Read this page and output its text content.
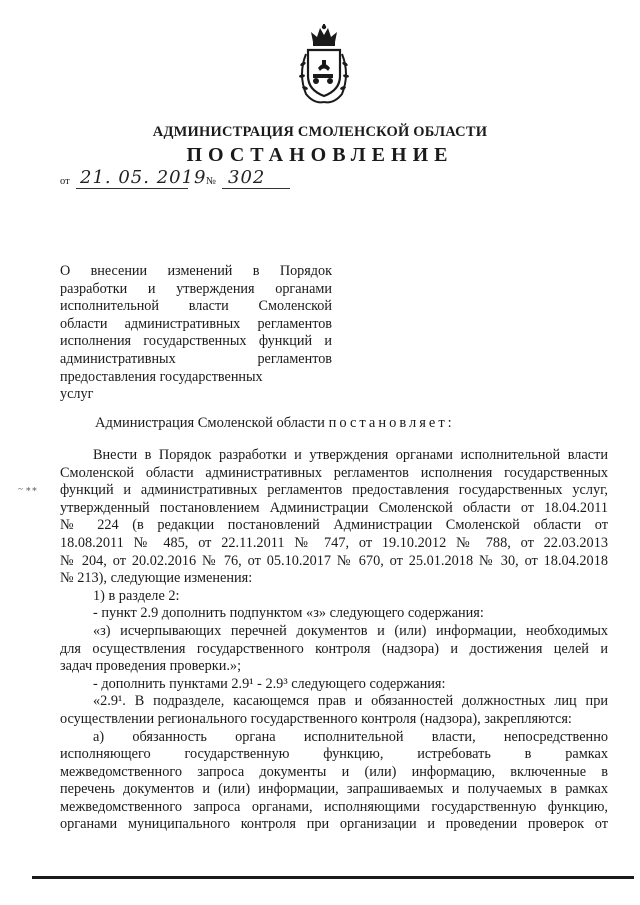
АДМИНИСТРАЦИЯ СМОЛЕНСКОЙ ОБЛАСТИ
ПОСТАНОВЛЕНИЕ
от 21. 05. 2019 № 302
О внесении изменений в Порядок
разработки и утверждения органами
исполнительной власти Смоленской
области административных регламентов
исполнения государственных функций и
административных регламентов
предоставления государственных
услуг
Администрация Смоленской области постановляет:
~ ∗∗
Внести в Порядок разработки и утверждения органами исполнительной власти
Смоленской области административных регламентов исполнения государственных
функций и административных регламентов предоставления государственных услуг,
утвержденный постановлением Администрации Смоленской области от 18.04.2011
№ 224 (в редакции постановлений Администрации Смоленской области от
18.08.2011 № 485, от 22.11.2011 № 747, от 19.10.2012 № 788, от 22.03.2013
№ 204, от 20.02.2016 № 76, от 05.10.2017 № 670, от 25.01.2018 № 30, от 18.04.2018
№ 213), следующие изменения:
1) в разделе 2:
- пункт 2.9 дополнить подпунктом «з» следующего содержания:
«з) исчерпывающих перечней документов и (или) информации, необходимых
для осуществления государственного контроля (надзора) и достижения целей и
задач проведения проверки.»;
- дополнить пунктами 2.9¹ - 2.9³ следующего содержания:
«2.9¹. В подразделе, касающемся прав и обязанностей должностных лиц при
осуществлении регионального государственного контроля (надзора), закрепляются:
а) обязанность органа исполнительной власти, непосредственно
исполняющего государственную функцию, истребовать в рамках
межведомственного запроса документы и (или) информацию, включенные в
перечень документов и (или) информации, запрашиваемых и получаемых в рамках
межведомственного запроса органами, исполняющими государственную функцию,
органами муниципального контроля при организации и проведении проверок от
